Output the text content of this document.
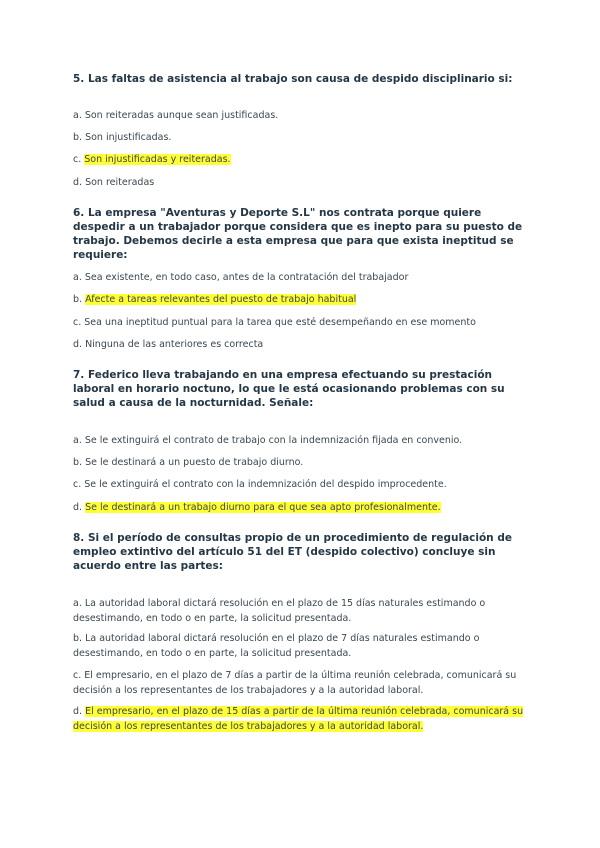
5. Las faltas de asistencia al trabajo son causa de despido disciplinario si:

a. Son reiteradas aunque sean justificadas.

b. Son injustificadas.

c. Son injustificadas y reiteradas.

d. Son reiteradas

6. La empresa "Aventuras y Deporte S.L" nos contrata porque quiere despedir a un trabajador porque considera que es inepto para su puesto de trabajo. Debemos decirle a esta empresa que para que exista ineptitud se requiere:

a. Sea existente, en todo caso, antes de la contratación del trabajador

b. Afecte a tareas relevantes del puesto de trabajo habitual

c. Sea una ineptitud puntual para la tarea que esté desempeñando en ese momento

d. Ninguna de las anteriores es correcta

7. Federico lleva trabajando en una empresa efectuando su prestación laboral en horario noctuno, lo que le está ocasionando problemas con su salud a causa de la nocturnidad. Señale:

a. Se le extinguirá el contrato de trabajo con la indemnización fijada en convenio.

b. Se le destinará a un puesto de trabajo diurno.

c. Se le extinguirá el contrato con la indemnización del despido improcedente.

d. Se le destinará a un trabajo diurno para el que sea apto profesionalmente.

8. Si el período de consultas propio de un procedimiento de regulación de empleo extintivo del artículo 51 del ET (despido colectivo) concluye sin acuerdo entre las partes:

a. La autoridad laboral dictará resolución en el plazo de 15 días naturales estimando o desestimando, en todo o en parte, la solicitud presentada.

b. La autoridad laboral dictará resolución en el plazo de 7 días naturales estimando o desestimando, en todo o en parte, la solicitud presentada.

c. El empresario, en el plazo de 7 días a partir de la última reunión celebrada, comunicará su decisión a los representantes de los trabajadores y a la autoridad laboral.

d. El empresario, en el plazo de 15 días a partir de la última reunión celebrada, comunicará su decisión a los representantes de los trabajadores y a la autoridad laboral.
